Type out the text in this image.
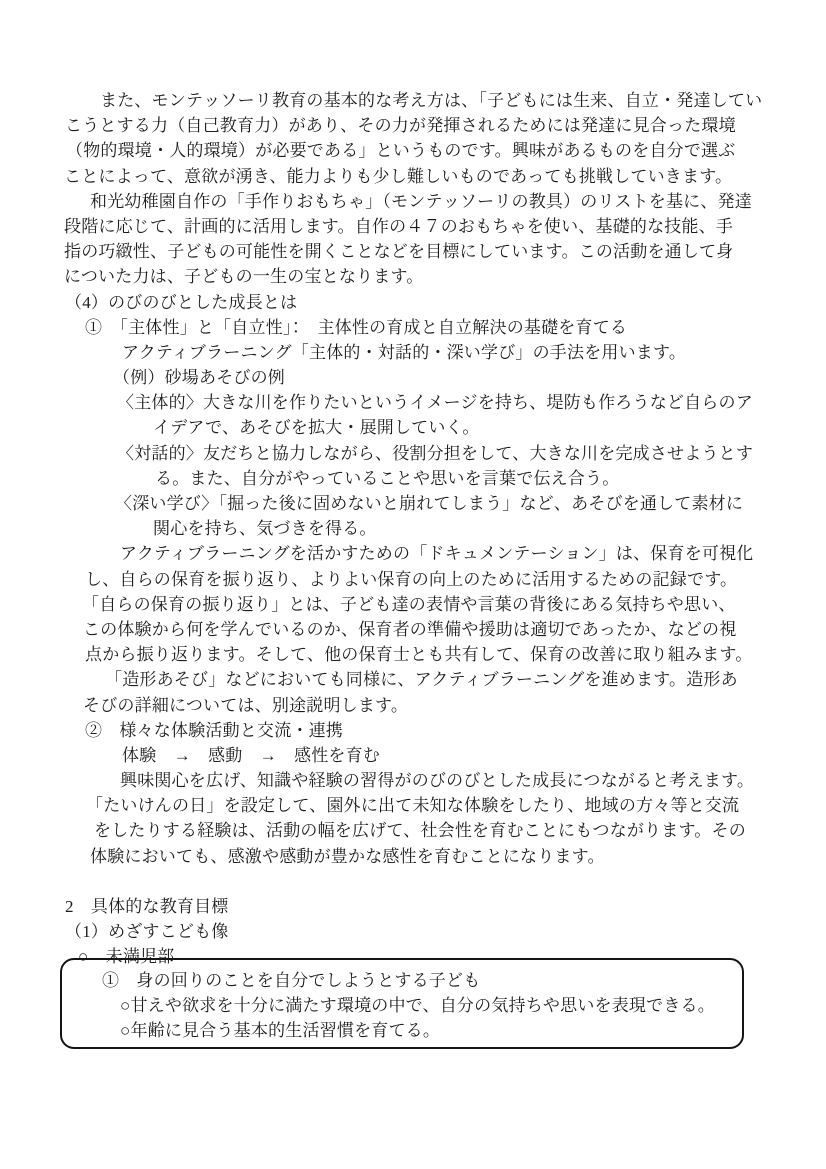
また、モンテッソーリ教育の基本的な考え方は、「子どもには生来、自立・発達してい
こうとする力（自己教育力）があり、その力が発揮されるためには発達に見合った環境
（物的環境・人的環境）が必要である」というものです。興味があるものを自分で選ぶ
ことによって、意欲が湧き、能力よりも少し難しいものであっても挑戦していきます。
和光幼稚園自作の「手作りおもちゃ」（モンテッソーリの教具）のリストを基に、発達
段階に応じて、計画的に活用します。自作の４７のおもちゃを使い、基礎的な技能、手
指の巧緻性、子どもの可能性を開くことなどを目標にしています。この活動を通して身
についた力は、子どもの一生の宝となります。
（4）のびのびとした成長とは
①　「主体性」と「自立性」：　主体性の育成と自立解決の基礎を育てる
アクティブラーニング「主体的・対話的・深い学び」の手法を用います。
（例）砂場あそびの例
〈主体的〉大きな川を作りたいというイメージを持ち、堤防も作ろうなど自らのア
イデアで、あそびを拡大・展開していく。
〈対話的〉友だちと協力しながら、役割分担をして、大きな川を完成させようとす
る。また、自分がやっていることや思いを言葉で伝え合う。
〈深い学び〉「掘った後に固めないと崩れてしまう」など、あそびを通して素材に
関心を持ち、気づきを得る。
アクティブラーニングを活かすための「ドキュメンテーション」は、保育を可視化
し、自らの保育を振り返り、よりよい保育の向上のために活用するための記録です。
「自らの保育の振り返り」とは、子ども達の表情や言葉の背後にある気持ちや思い、
この体験から何を学んでいるのか、保育者の準備や援助は適切であったか、などの視
点から振り返ります。そして、他の保育士とも共有して、保育の改善に取り組みます。
「造形あそび」などにおいても同様に、アクティブラーニングを進めます。造形あ
そびの詳細については、別途説明します。
②　様々な体験活動と交流・連携
体験　→　感動　→　感性を育む
興味関心を広げ、知識や経験の習得がのびのびとした成長につながると考えます。
「たいけんの日」を設定して、園外に出て未知な体験をしたり、地域の方々等と交流
をしたりする経験は、活動の幅を広げて、社会性を育むことにもつながります。その
体験においても、感激や感動が豊かな感性を育むことになります。
2　具体的な教育目標
（1）めざすこども像
○　未満児部
①　身の回りのことを自分でしようとする子ども
○甘えや欲求を十分に満たす環境の中で、自分の気持ちや思いを表現できる。
○年齢に見合う基本的生活習慣を育てる。
